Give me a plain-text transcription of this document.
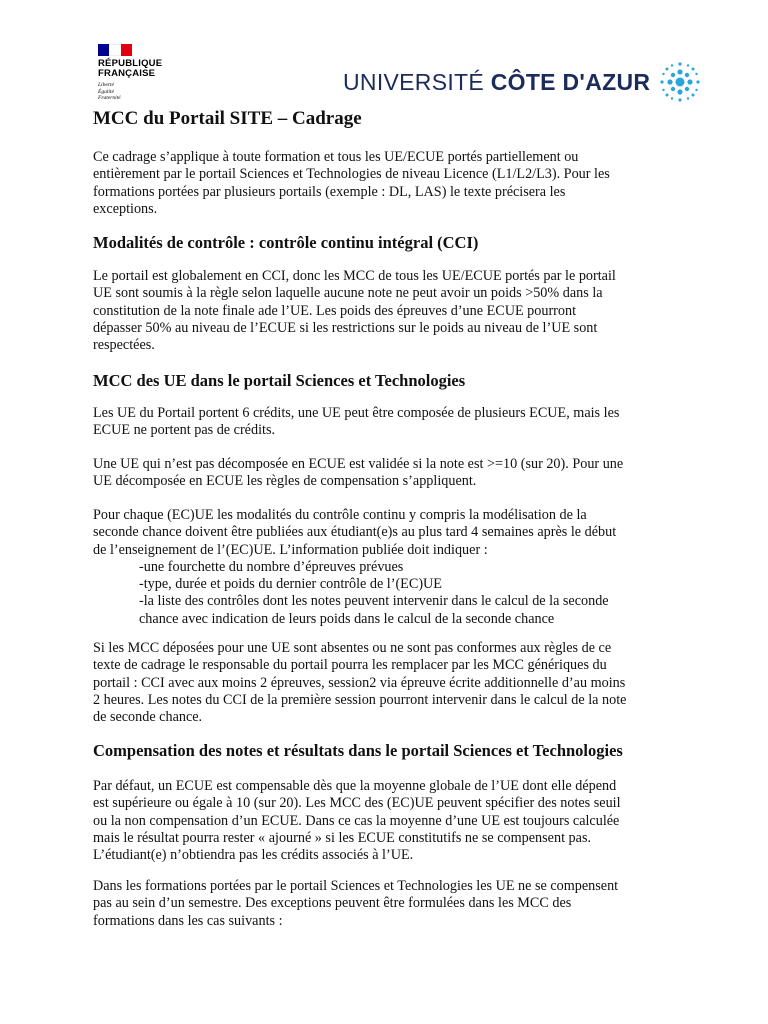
RÉPUBLIQUE
FRANÇAISE
Liberté
Égalité
Fraternité
UNIVERSITÉ CÔTE D'AZUR
MCC du Portail SITE – Cadrage

Ce cadrage s’applique à toute formation et tous les UE/ECUE portés partiellement ou
entièrement par le portail Sciences et Technologies de niveau Licence (L1/L2/L3). Pour les
formations portées par plusieurs portails (exemple : DL, LAS) le texte précisera les
exceptions.

Modalités de contrôle : contrôle continu intégral (CCI)

Le portail est globalement en CCI, donc les MCC de tous les UE/ECUE portés par le portail
UE sont soumis à la règle selon laquelle aucune note ne peut avoir un poids >50% dans la
constitution de la note finale ade l’UE. Les poids des épreuves d’une ECUE pourront
dépasser 50% au niveau de l’ECUE si les restrictions sur le poids au niveau de l’UE sont
respectées.

MCC des UE dans le portail Sciences et Technologies

Les UE du Portail portent 6 crédits, une UE peut être composée de plusieurs ECUE, mais les
ECUE ne portent pas de crédits.

Une UE qui n’est pas décomposée en ECUE est validée si la note est >=10 (sur 20). Pour une
UE décomposée en ECUE les règles de compensation s’appliquent.

Pour chaque (EC)UE les modalités du contrôle continu y compris la modélisation de la
seconde chance doivent être publiées aux étudiant(e)s au plus tard 4 semaines après le début
de l’enseignement de l’(EC)UE. L’information publiée doit indiquer :
-une fourchette du nombre d’épreuves prévues
-type, durée et poids du dernier contrôle de l’(EC)UE
-la liste des contrôles dont les notes peuvent intervenir dans le calcul de la seconde
chance avec indication de leurs poids dans le calcul de la seconde chance

Si les MCC déposées pour une UE sont absentes ou ne sont pas conformes aux règles de ce
texte de cadrage le responsable du portail pourra les remplacer par les MCC génériques du
portail : CCI avec aux moins 2 épreuves, session2 via épreuve écrite additionnelle d’au moins
2 heures. Les notes du CCI de la première session pourront intervenir dans le calcul de la note
de seconde chance.

Compensation des notes et résultats dans le portail Sciences et Technologies

Par défaut, un ECUE est compensable dès que la moyenne globale de l’UE dont elle dépend
est supérieure ou égale à 10 (sur 20). Les MCC des (EC)UE peuvent spécifier des notes seuil
ou la non compensation d’un ECUE. Dans ce cas la moyenne d’une UE est toujours calculée
mais le résultat pourra rester « ajourné » si les ECUE constitutifs ne se compensent pas.
L’étudiant(e) n’obtiendra pas les crédits associés à l’UE.

Dans les formations portées par le portail Sciences et Technologies les UE ne se compensent
pas au sein d’un semestre. Des exceptions peuvent être formulées dans les MCC des
formations dans les cas suivants :
